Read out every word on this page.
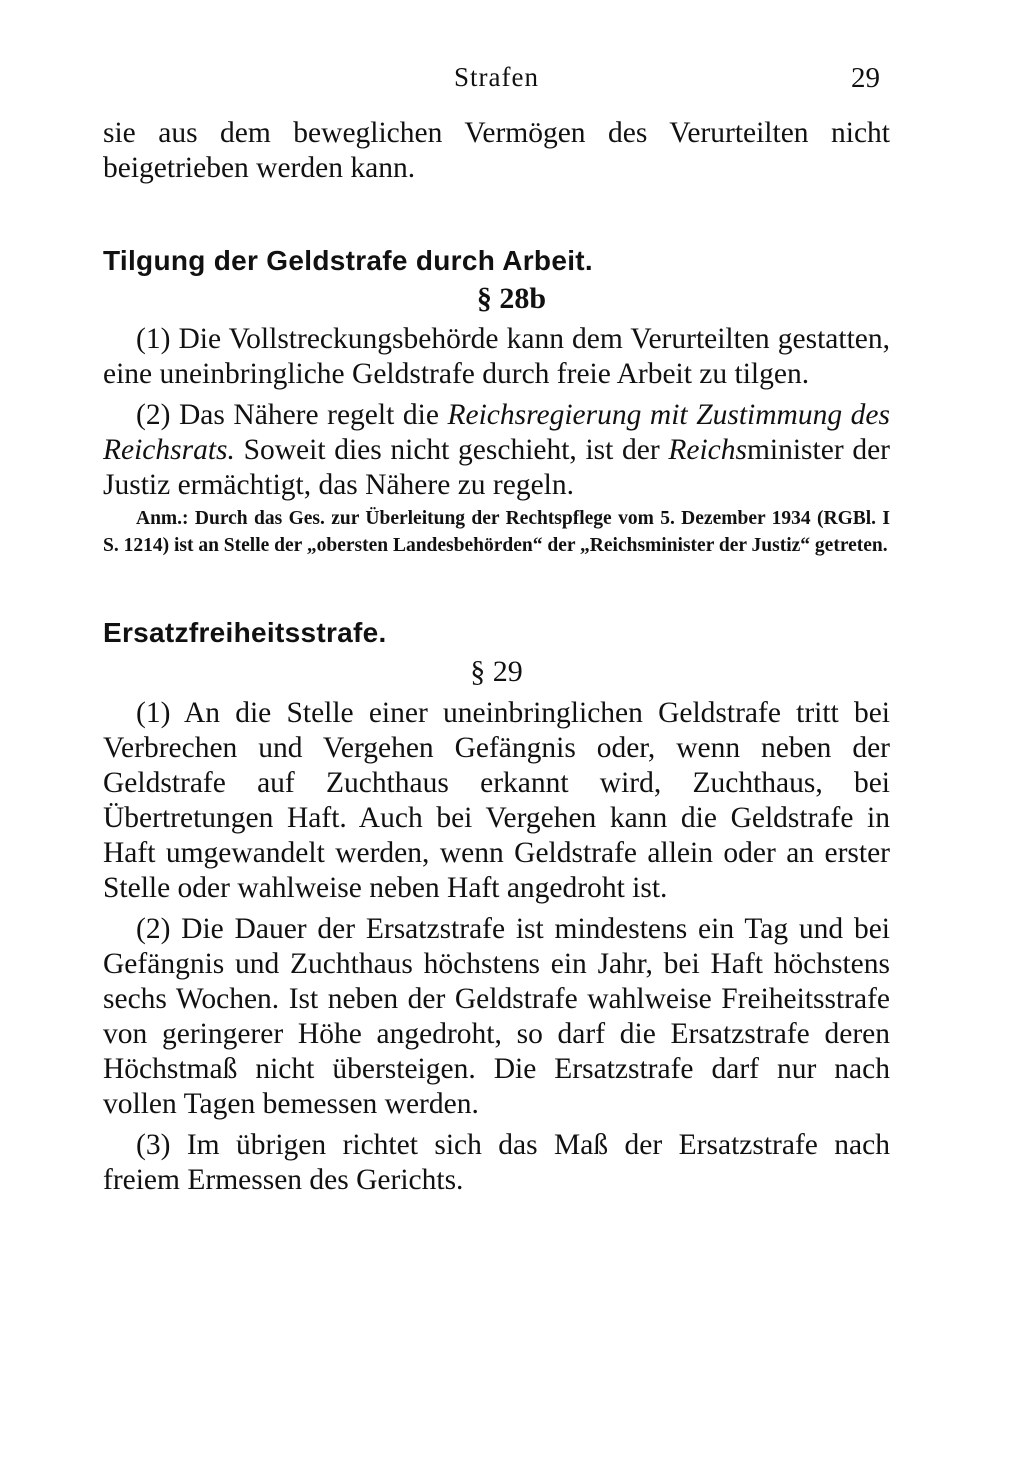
Strafen	29

sie aus dem beweglichen Vermögen des Verurteilten nicht beigetrieben werden kann.

Tilgung der Geldstrafe durch Arbeit.
§ 28b

(1) Die Vollstreckungsbehörde kann dem Verurteilten gestatten, eine uneinbringliche Geldstrafe durch freie Arbeit zu tilgen.

(2) Das Nähere regelt die Reichsregierung mit Zustimmung des Reichsrats. Soweit dies nicht geschieht, ist der Reichsminister der Justiz ermächtigt, das Nähere zu regeln.

Anm.: Durch das Ges. zur Überleitung der Rechtspflege vom 5. Dezember 1934 (RGBl. I S. 1214) ist an Stelle der „obersten Landesbehörden“ der „Reichsminister der Justiz“ getreten.

Ersatzfreiheitsstrafe.
§ 29

(1) An die Stelle einer uneinbringlichen Geldstrafe tritt bei Verbrechen und Vergehen Gefängnis oder, wenn neben der Geldstrafe auf Zuchthaus erkannt wird, Zuchthaus, bei Übertretungen Haft. Auch bei Vergehen kann die Geldstrafe in Haft umgewandelt werden, wenn Geldstrafe allein oder an erster Stelle oder wahlweise neben Haft angedroht ist.

(2) Die Dauer der Ersatzstrafe ist mindestens ein Tag und bei Gefängnis und Zuchthaus höchstens ein Jahr, bei Haft höchstens sechs Wochen. Ist neben der Geldstrafe wahlweise Freiheitsstrafe von geringerer Höhe angedroht, so darf die Ersatzstrafe deren Höchstmaß nicht übersteigen. Die Ersatzstrafe darf nur nach vollen Tagen bemessen werden.

(3) Im übrigen richtet sich das Maß der Ersatzstrafe nach freiem Ermessen des Gerichts.
